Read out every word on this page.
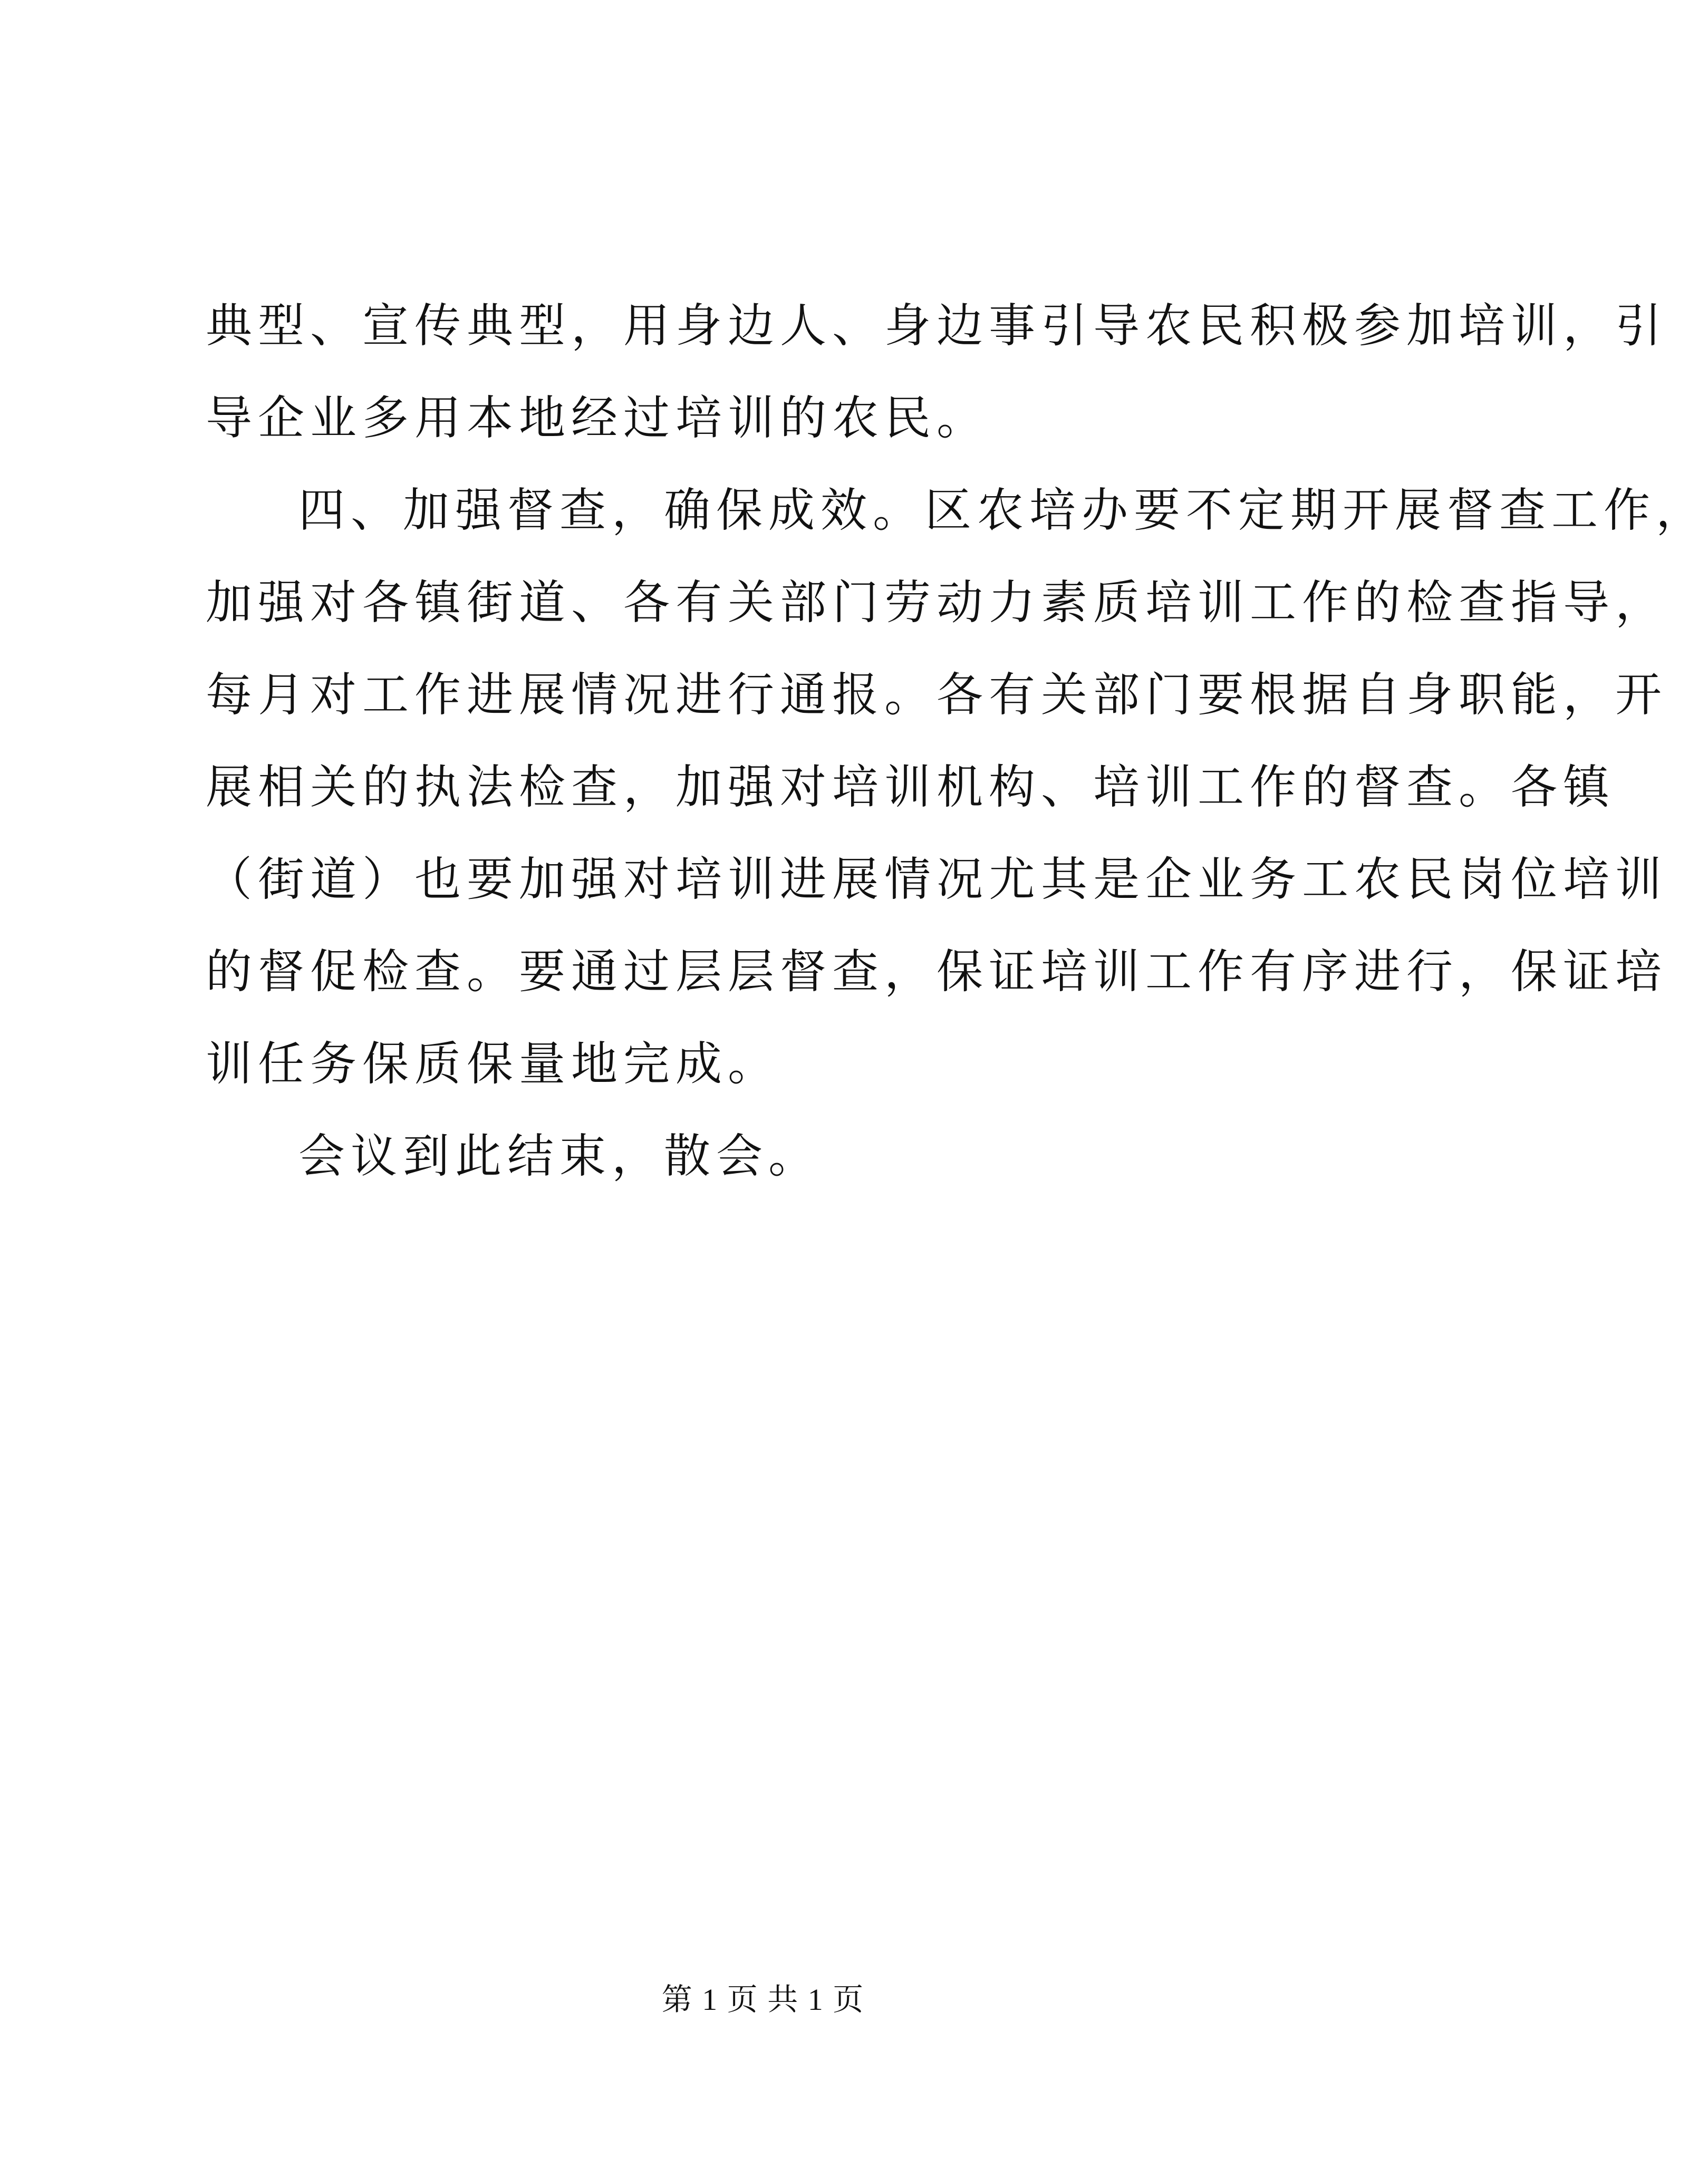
典型、宣传典型，用身边人、身边事引导农民积极参加培训，引
导企业多用本地经过培训的农民。
四、加强督查，确保成效。区农培办要不定期开展督查工作，
加强对各镇街道、各有关部门劳动力素质培训工作的检查指导，
每月对工作进展情况进行通报。各有关部门要根据自身职能，开
展相关的执法检查，加强对培训机构、培训工作的督查。各镇
（街道）也要加强对培训进展情况尤其是企业务工农民岗位培训
的督促检查。要通过层层督查，保证培训工作有序进行，保证培
训任务保质保量地完成。
会议到此结束，散会。
第 1 页 共 1 页
